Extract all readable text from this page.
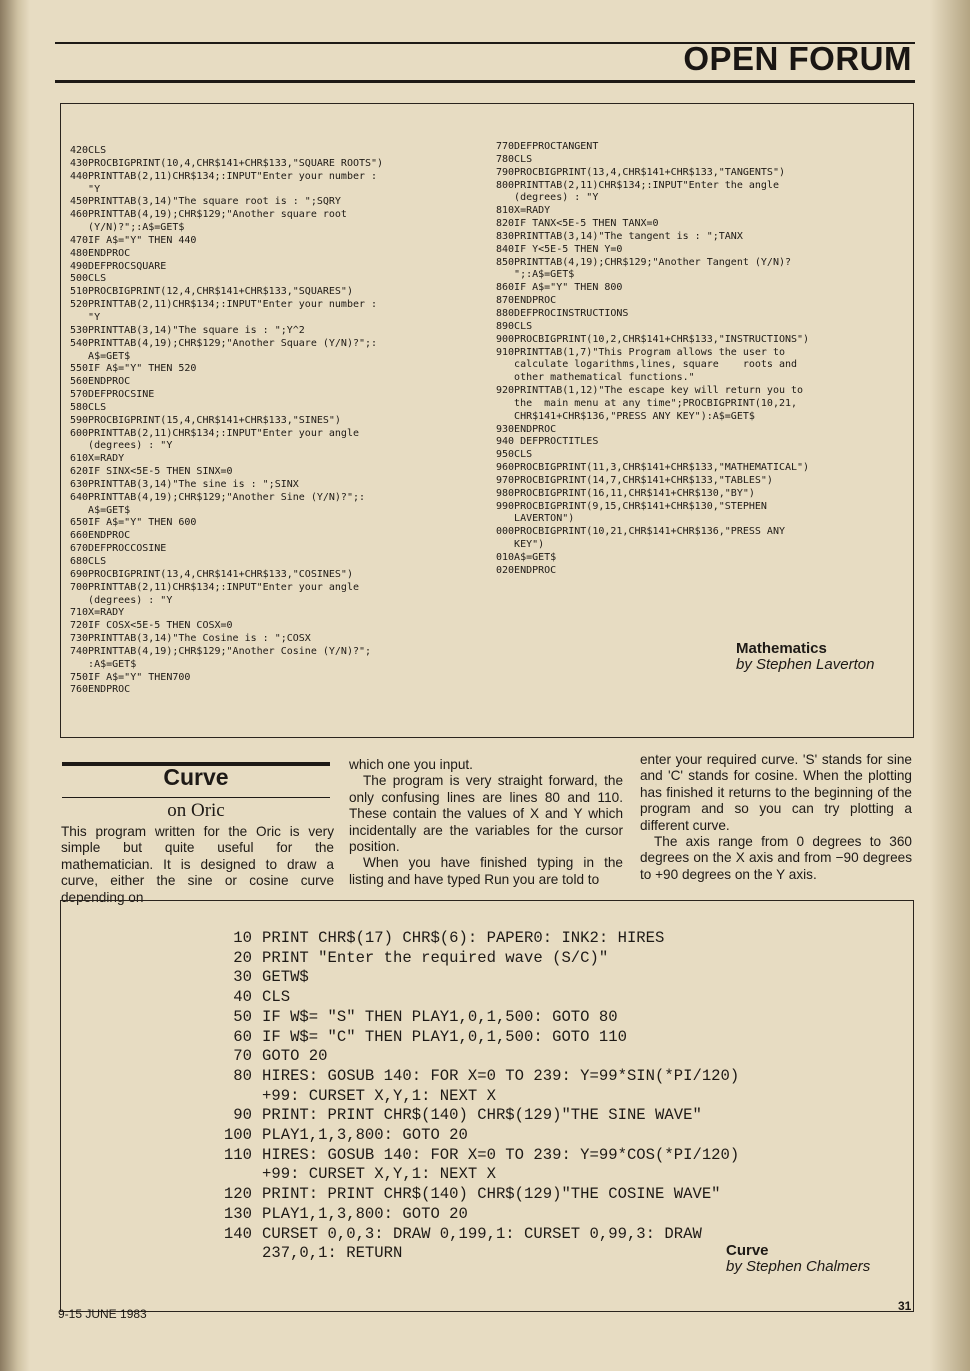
OPEN FORUM
420CLS
430PROCBIGPRINT(10,4,CHR$141+CHR$133,"SQUARE ROOTS")
440PRINTTAB(2,11)CHR$134;:INPUT"Enter your number :
"Y
450PRINTTAB(3,14)"The square root is : ";SQRY
460PRINTTAB(4,19);CHR$129;"Another square root
(Y/N)?";:A$=GET$
470IF A$="Y" THEN 440
480ENDPROC
490DEFPROCSQUARE
500CLS
510PROCBIGPRINT(12,4,CHR$141+CHR$133,"SQUARES")
520PRINTTAB(2,11)CHR$134;:INPUT"Enter your number :
"Y
530PRINTTAB(3,14)"The square is : ";Y^2
540PRINTTAB(4,19);CHR$129;"Another Square (Y/N)?";:
A$=GET$
550IF A$="Y" THEN 520
560ENDPROC
570DEFPROCSINE
580CLS
590PROCBIGPRINT(15,4,CHR$141+CHR$133,"SINES")
600PRINTTAB(2,11)CHR$134;:INPUT"Enter your angle
(degrees) : "Y
610X=RADY
620IF SINX<5E-5 THEN SINX=0
630PRINTTAB(3,14)"The sine is : ";SINX
640PRINTTAB(4,19);CHR$129;"Another Sine (Y/N)?";:
A$=GET$
650IF A$="Y" THEN 600
660ENDPROC
670DEFPROCCOSINE
680CLS
690PROCBIGPRINT(13,4,CHR$141+CHR$133,"COSINES")
700PRINTTAB(2,11)CHR$134;:INPUT"Enter your angle
(degrees) : "Y
710X=RADY
720IF COSX<5E-5 THEN COSX=0
730PRINTTAB(3,14)"The Cosine is : ";COSX
740PRINTTAB(4,19);CHR$129;"Another Cosine (Y/N)?";
:A$=GET$
750IF A$="Y" THEN700
760ENDPROC
770DEFPROCTANGENT
780CLS
790PROCBIGPRINT(13,4,CHR$141+CHR$133,"TANGENTS")
800PRINTTAB(2,11)CHR$134;:INPUT"Enter the angle
(degrees) : "Y
810X=RADY
820IF TANX<5E-5 THEN TANX=0
830PRINTTAB(3,14)"The tangent is : ";TANX
840IF Y<5E-5 THEN Y=0
850PRINTTAB(4,19);CHR$129;"Another Tangent (Y/N)?
";:A$=GET$
860IF A$="Y" THEN 800
870ENDPROC
880DEFPROCINSTRUCTIONS
890CLS
900PROCBIGPRINT(10,2,CHR$141+CHR$133,"INSTRUCTIONS")
910PRINTTAB(1,7)"This Program allows the user to
calculate logarithms,lines, square    roots and
other mathematical functions."
920PRINTTAB(1,12)"The escape key will return you to
the  main menu at any time";PROCBIGPRINT(10,21,
CHR$141+CHR$136,"PRESS ANY KEY"):A$=GET$
930ENDPROC
940 DEFPROCTITLES
950CLS
960PROCBIGPRINT(11,3,CHR$141+CHR$133,"MATHEMATICAL")
970PROCBIGPRINT(14,7,CHR$141+CHR$133,"TABLES")
980PROCBIGPRINT(16,11,CHR$141+CHR$130,"BY")
990PROCBIGPRINT(9,15,CHR$141+CHR$130,"STEPHEN
LAVERTON")
000PROCBIGPRINT(10,21,CHR$141+CHR$136,"PRESS ANY
KEY")
010A$=GET$
020ENDPROC
Mathematics
by Stephen Laverton
Curve
on Oric

This program written for the Oric is very simple but quite useful for the mathematician. It is designed to draw a curve, either the sine or cosine curve depending on

which one you input.

The program is very straight forward, the only confusing lines are lines 80 and 110. These contain the values of X and Y which incidentally are the variables for the cursor position.

When you have finished typing in the listing and have typed Run you are told to

enter your required curve. 'S' stands for sine and 'C' stands for cosine. When the plotting has finished it returns to the beginning of the program and so you can try plotting a different curve.

The axis range from 0 degrees to 360 degrees on the X axis and from −90 degrees to +90 degrees on the Y axis.

10 PRINT CHR$(17) CHR$(6): PAPER0: INK2: HIRES
20 PRINT "Enter the required wave (S/C)"
30 GETW$
40 CLS
50 IF W$= "S" THEN PLAY1,0,1,500: GOTO 80
60 IF W$= "C" THEN PLAY1,0,1,500: GOTO 110
70 GOTO 20
80 HIRES: GOSUB 140: FOR X=0 TO 239: Y=99*SIN(*PI/120)
+99: CURSET X,Y,1: NEXT X
90 PRINT: PRINT CHR$(140) CHR$(129)"THE SINE WAVE"
100 PLAY1,1,3,800: GOTO 20
110 HIRES: GOSUB 140: FOR X=0 TO 239: Y=99*COS(*PI/120)
+99: CURSET X,Y,1: NEXT X
120 PRINT: PRINT CHR$(140) CHR$(129)"THE COSINE WAVE"
130 PLAY1,1,3,800: GOTO 20
140 CURSET 0,0,3: DRAW 0,199,1: CURSET 0,99,3: DRAW
237,0,1: RETURN	Curve
by Stephen Chalmers
9-15 JUNE 1983
31
